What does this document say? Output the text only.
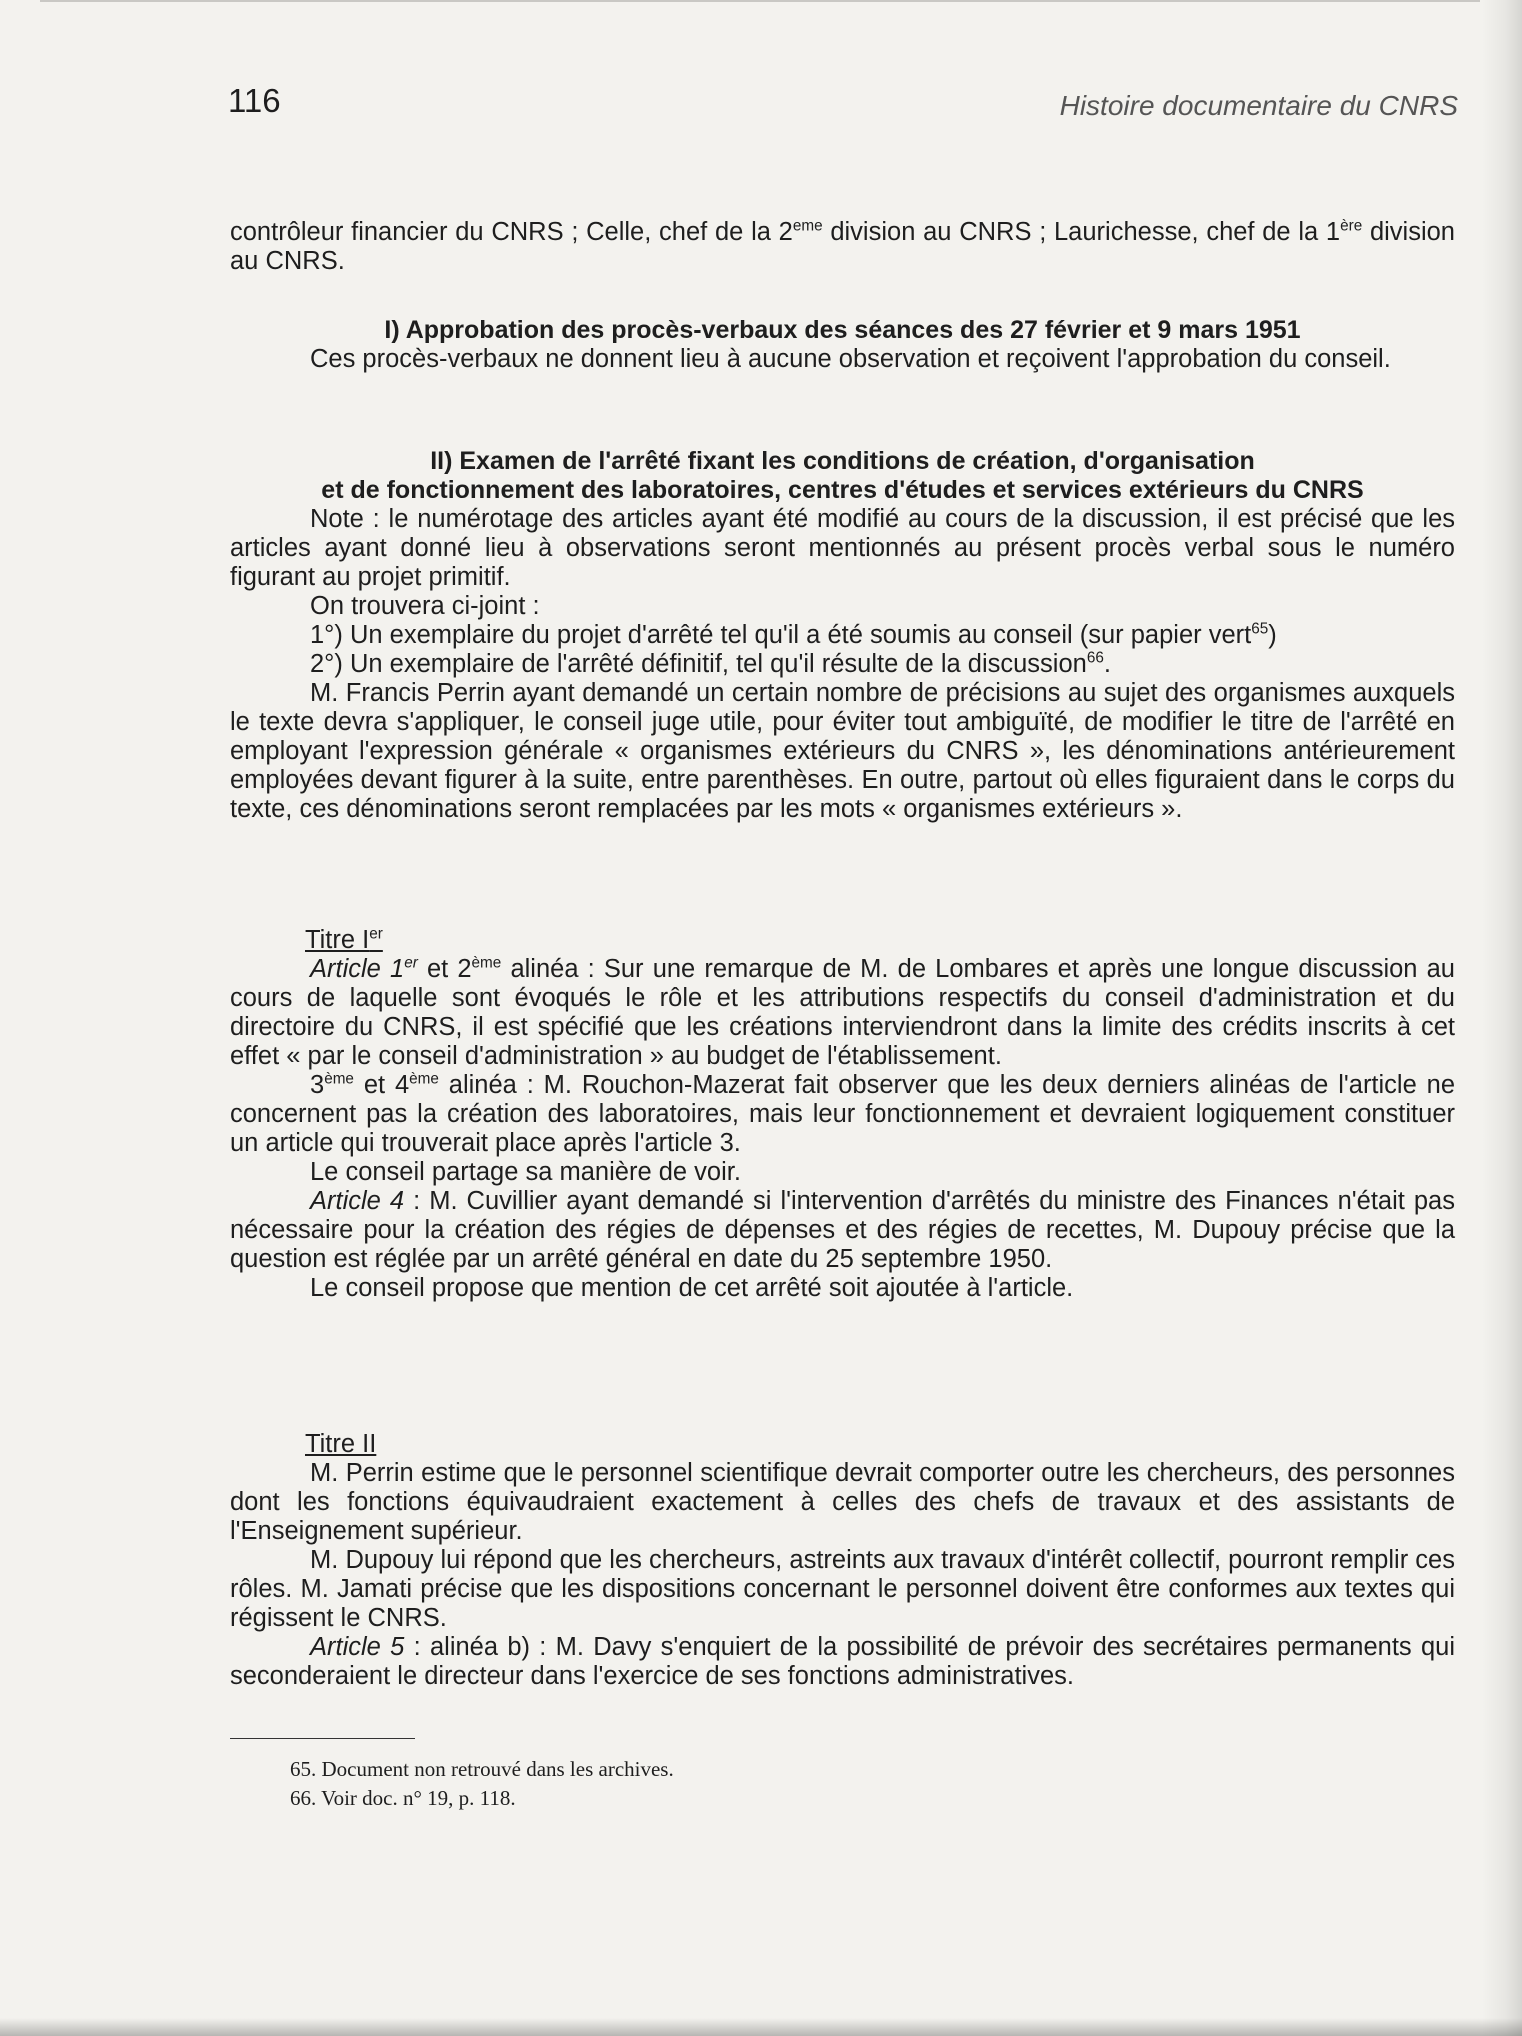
116	Histoire documentaire du CNRS

contrôleur financier du CNRS ; Celle, chef de la 2eme division au CNRS ; Laurichesse, chef de la 1ère division au CNRS.

I) Approbation des procès-verbaux des séances des 27 février et 9 mars 1951

Ces procès-verbaux ne donnent lieu à aucune observation et reçoivent l'approbation du conseil.

II) Examen de l'arrêté fixant les conditions de création, d'organisation

et de fonctionnement des laboratoires, centres d'études et services extérieurs du CNRS

Note : le numérotage des articles ayant été modifié au cours de la discussion, il est précisé que les articles ayant donné lieu à observations seront mentionnés au présent procès verbal sous le numéro figurant au projet primitif.

On trouvera ci-joint :

1°) Un exemplaire du projet d'arrêté tel qu'il a été soumis au conseil (sur papier vert$^{65}$)

2°) Un exemplaire de l'arrêté définitif, tel qu'il résulte de la discussion$^{66}$.

M. Francis Perrin ayant demandé un certain nombre de précisions au sujet des organismes auxquels le texte devra s'appliquer, le conseil juge utile, pour éviter tout ambiguïté, de modifier le titre de l'arrêté en employant l'expression générale « organismes extérieurs du CNRS », les dénominations antérieurement employées devant figurer à la suite, entre parenthèses. En outre, partout où elles figuraient dans le corps du texte, ces dénominations seront remplacées par les mots « organismes extérieurs ».

Titre Ier

Article 1er et 2ème alinéa : Sur une remarque de M. de Lombares et après une longue discussion au cours de laquelle sont évoqués le rôle et les attributions respectifs du conseil d'administration et du directoire du CNRS, il est spécifié que les créations interviendront dans la limite des crédits inscrits à cet effet « par le conseil d'administration » au budget de l'établissement.

3ème et 4ème alinéa : M. Rouchon-Mazerat fait observer que les deux derniers alinéas de l'article ne concernent pas la création des laboratoires, mais leur fonctionnement et devraient logiquement constituer un article qui trouverait place après l'article 3.

Le conseil partage sa manière de voir.

Article 4 : M. Cuvillier ayant demandé si l'intervention d'arrêtés du ministre des Finances n'était pas nécessaire pour la création des régies de dépenses et des régies de recettes, M. Dupouy précise que la question est réglée par un arrêté général en date du 25 septembre 1950.

Le conseil propose que mention de cet arrêté soit ajoutée à l'article.

Titre II

M. Perrin estime que le personnel scientifique devrait comporter outre les chercheurs, des personnes dont les fonctions équivaudraient exactement à celles des chefs de travaux et des assistants de l'Enseignement supérieur.

M. Dupouy lui répond que les chercheurs, astreints aux travaux d'intérêt collectif, pourront remplir ces rôles. M. Jamati précise que les dispositions concernant le personnel doivent être conformes aux textes qui régissent le CNRS.

Article 5 : alinéa b) : M. Davy s'enquiert de la possibilité de prévoir des secrétaires permanents qui seconderaient le directeur dans l'exercice de ses fonctions administratives.

65. Document non retrouvé dans les archives.

66. Voir doc. n° 19, p. 118.
